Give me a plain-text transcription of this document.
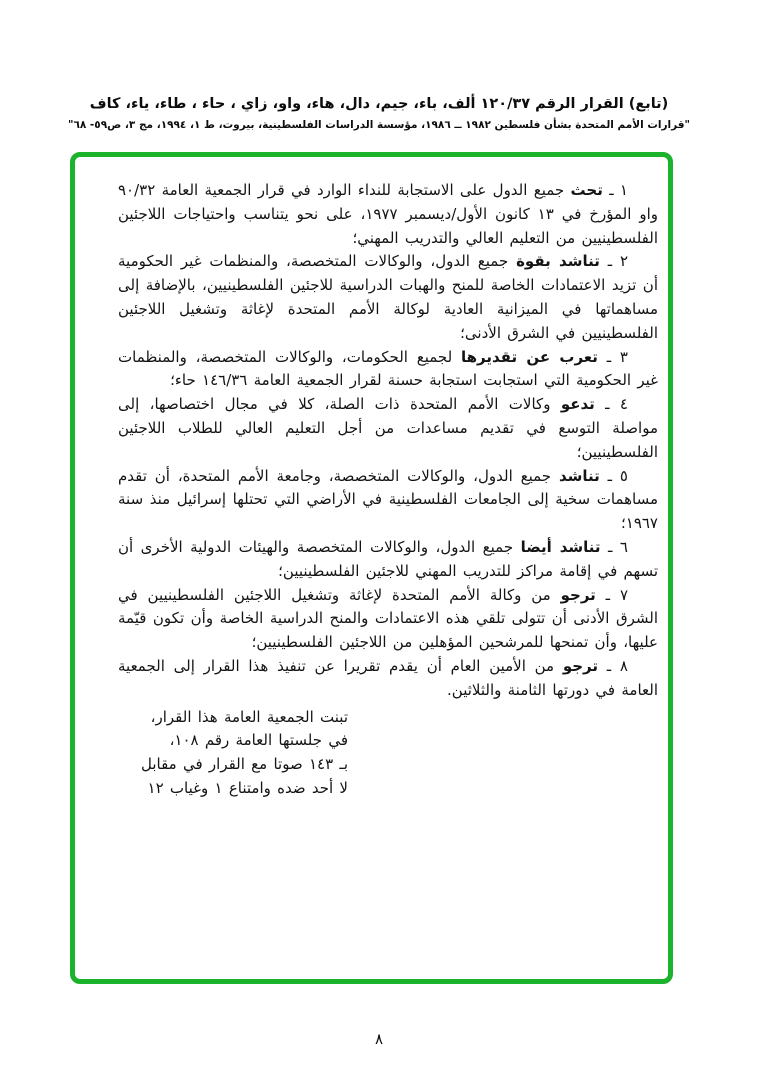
(تابع) القرار الرقم ١٢٠/٣٧ ألف، باء، جيم، دال، هاء، واو، زاي ، حاء ، طاء، ياء، كاف
"قرارات الأمم المتحدة بشأن فلسطين ١٩٨٢ ــ ١٩٨٦، مؤسسة الدراسات الفلسطينية، بيروت، ط ١، ١٩٩٤، مج ٣، ص٥٩- ٦٨"

١ ـ تحث جميع الدول على الاستجابة للنداء الوارد في قرار الجمعية العامة ٩٠/٣٢ واو المؤرخ في ١٣ كانون الأول/ديسمبر ١٩٧٧، على نحو يتناسب واحتياجات اللاجئين الفلسطينيين من التعليم العالي والتدريب المهني؛

٢ ـ تناشد بقوة جميع الدول، والوكالات المتخصصة، والمنظمات غير الحكومية أن تزيد الاعتمادات الخاصة للمنح والهبات الدراسية للاجئين الفلسطينيين، بالإضافة إلى مساهماتها في الميزانية العادية لوكالة الأمم المتحدة لإغاثة وتشغيل اللاجئين الفلسطينيين في الشرق الأدنى؛

٣ ـ تعرب عن تقديرها لجميع الحكومات، والوكالات المتخصصة، والمنظمات غير الحكومية التي استجابت استجابة حسنة لقرار الجمعية العامة ١٤٦/٣٦ حاء؛

٤ ـ تدعو وكالات الأمم المتحدة ذات الصلة، كلا في مجال اختصاصها، إلى مواصلة التوسع في تقديم مساعدات من أجل التعليم العالي للطلاب اللاجئين الفلسطينيين؛

٥ ـ تناشد جميع الدول، والوكالات المتخصصة، وجامعة الأمم المتحدة، أن تقدم مساهمات سخية إلى الجامعات الفلسطينية في الأراضي التي تحتلها إسرائيل منذ سنة ١٩٦٧؛

٦ ـ تناشد أيضا جميع الدول، والوكالات المتخصصة والهيئات الدولية الأخرى أن تسهم في إقامة مراكز للتدريب المهني للاجئين الفلسطينيين؛

٧ ـ ترجو من وكالة الأمم المتحدة لإغاثة وتشغيل اللاجئين الفلسطينيين في الشرق الأدنى أن تتولى تلقي هذه الاعتمادات والمنح الدراسية الخاصة وأن تكون قيّمة عليها، وأن تمنحها للمرشحين المؤهلين من اللاجئين الفلسطينيين؛

٨ ـ ترجو من الأمين العام أن يقدم تقريرا عن تنفيذ هذا القرار إلى الجمعية العامة في دورتها الثامنة والثلاثين.

تبنت الجمعية العامة هذا القرار،
في جلستها العامة رقم ١٠٨،
بـ ١٤٣ صوتا مع القرار في مقابل
لا أحد ضده وامتناع ١ وغياب ١٢
٨
